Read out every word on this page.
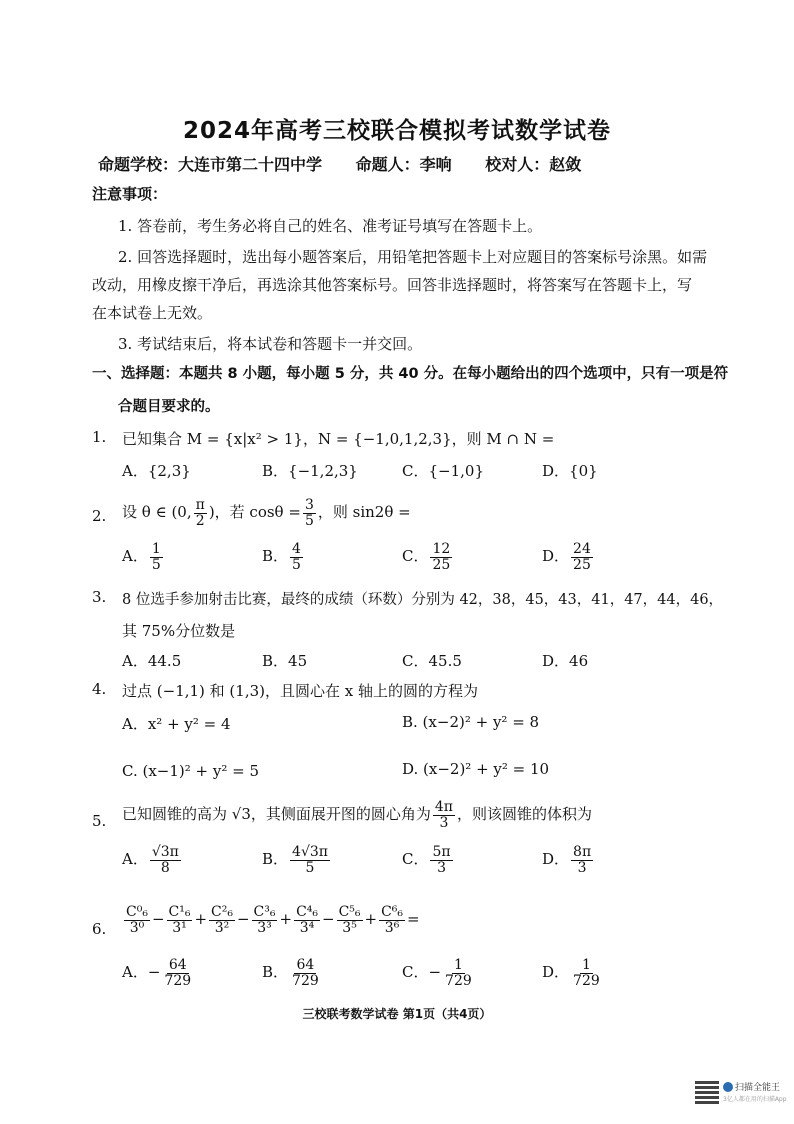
2024年高考三校联合模拟考试数学试卷
命题学校：大连市第二十四中学 命题人：李响 校对人：赵敛
注意事项：
1. 答卷前，考生务必将自己的姓名、准考证号填写在答题卡上。
2. 回答选择题时，选出每小题答案后，用铅笔把答题卡上对应题目的答案标号涂黑。如需
改动，用橡皮擦干净后，再选涂其他答案标号。回答非选择题时，将答案写在答题卡上，写
在本试卷上无效。
3. 考试结束后，将本试卷和答题卡一并交回。
一、选择题：本题共 8 小题，每小题 5 分，共 40 分。在每小题给出的四个选项中，只有一项是符
合题目要求的。
1. 已知集合 M = {x|x² > 1}，N = {−1,0,1,2,3}，则 M ∩ N =
A．{2,3}	B．{−1,2,3}	C．{−1,0}	D．{0}
2. 设 θ ∈ (0, $\frac{\pi}{2}$ )，若 $\cos\theta = \frac{3}{5}$ ，则 sin2θ =
A． $\frac{1}{5}$	B． $\frac{4}{5}$	C． $\frac{12}{25}$	D． $\frac{24}{25}$
3. 8 位选手参加射击比赛，最终的成绩（环数）分别为 42，38，45，43，41，47，44，46，
其 75%分位数是
A．44.5	B．45	C．45.5	D．46
4. 过点 (−1,1) 和 (1,3)，且圆心在 x 轴上的圆的方程为
A．x² + y² = 4	B. (x−2)² + y² = 8
C. (x−1)² + y² = 5	D. (x−2)² + y² = 10
5. 已知圆锥的高为 √3，其侧面展开图的圆心角为 $\frac{4\pi}{3}$ ，则该圆锥的体积为
A． $\frac{√3\pi}{8}$	B． $\frac{4√3\pi}{5}$	C． $\frac{5\pi}{3}$	D． $\frac{8\pi}{3}$
6. $\frac{\text{C⁰₆}}{\text{3⁰}} - \frac{\text{C¹₆}}{\text{3¹}} + \frac{\text{C²₆}}{\text{3²}} - \frac{\text{C³₆}}{\text{3³}} + \frac{\text{C⁴₆}}{\text{3⁴}} - \frac{\text{C⁵₆}}{\text{3⁵}} + \frac{\text{C⁶₆}}{\text{3⁶}}$ =
A．− $\frac{64}{729}$	B． $\frac{64}{729}$	C．− $\frac{1}{729}$	D． $\frac{1}{729}$
三校联考数学试卷 第1页（共4页）
扫描全能王
3亿人都在用的扫描App
